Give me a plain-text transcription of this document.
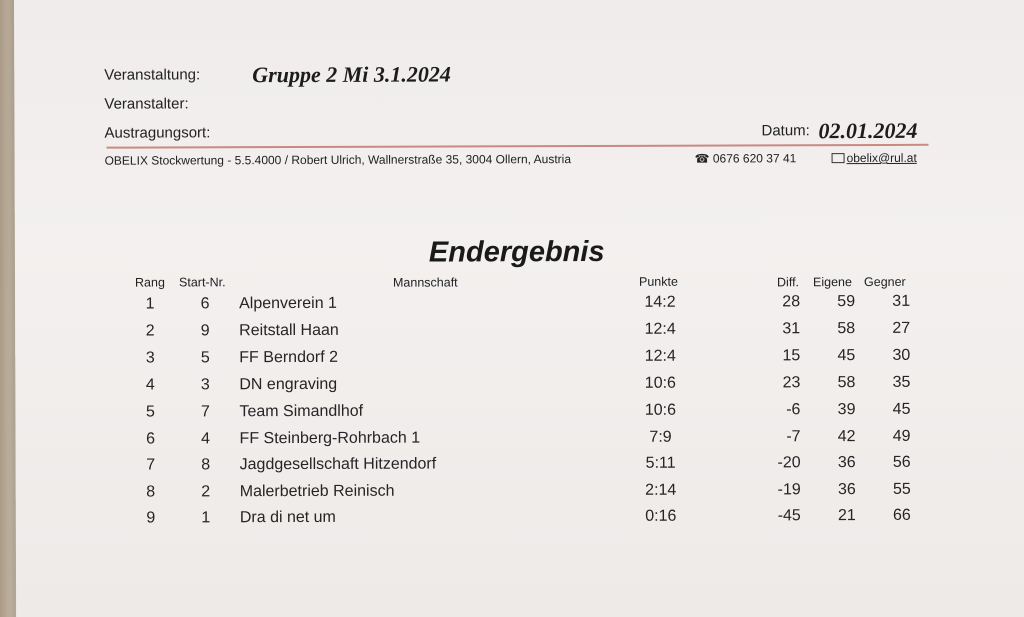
Veranstaltung: Gruppe 2 Mi 3.1.2024
Veranstalter:
Austragungsort:	Datum: 02.01.2024
OBELIX Stockwertung - 5.5.4000 / Robert Ulrich, Wallnerstraße 35, 3004 Ollern, Austria	☎ 0676 620 37 41	obelix@rul.at
Endergebnis
Rang Start-Nr.	Mannschaft	Punkte	Diff. Eigene Gegner
1	6	Alpenverein 1	14:2	28	59	31
2	9	Reitstall Haan	12:4	31	58	27
3	5	FF Berndorf 2	12:4	15	45	30
4	3	DN engraving	10:6	23	58	35
5	7	Team Simandlhof	10:6	-6	39	45
6	4	FF Steinberg-Rohrbach 1	7:9	-7	42	49
7	8	Jagdgesellschaft Hitzendorf	5:11	-20	36	56
8	2	Malerbetrieb Reinisch	2:14	-19	36	55
9	1	Dra di net um	0:16	-45	21	66
